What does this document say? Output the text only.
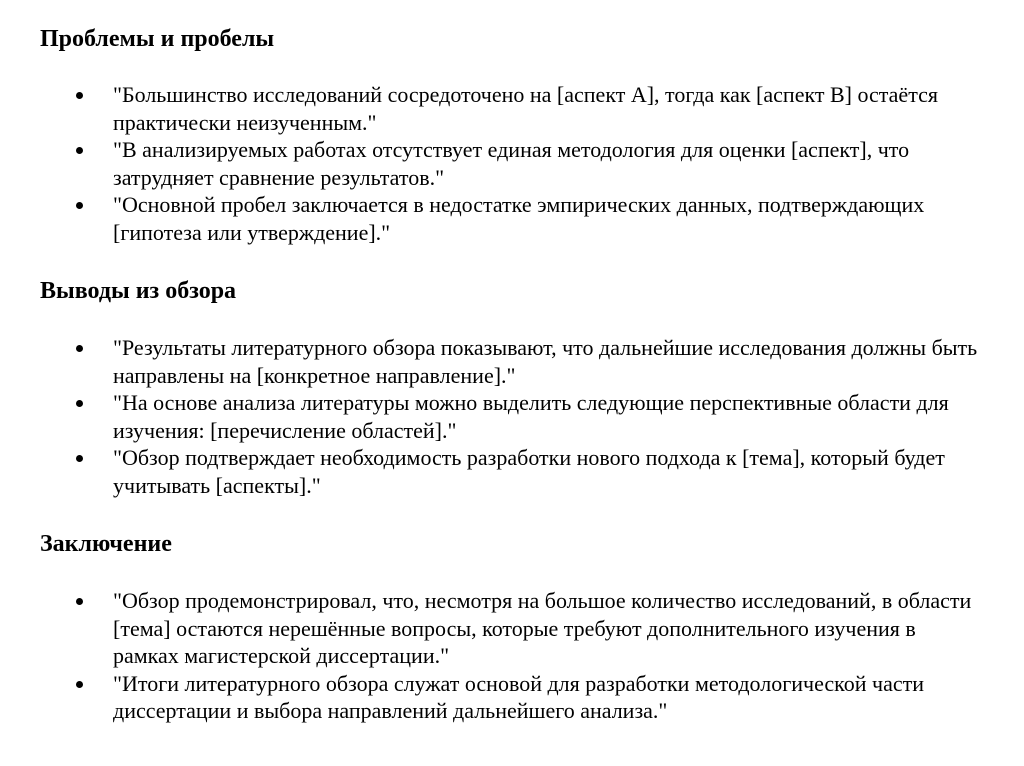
Проблемы и пробелы
"Большинство исследований сосредоточено на [аспект A], тогда как [аспект B] остаётся практически неизученным."
"В анализируемых работах отсутствует единая методология для оценки [аспект], что затрудняет сравнение результатов."
"Основной пробел заключается в недостатке эмпирических данных, подтверждающих [гипотеза или утверждение]."
Выводы из обзора
"Результаты литературного обзора показывают, что дальнейшие исследования должны быть направлены на [конкретное направление]."
"На основе анализа литературы можно выделить следующие перспективные области для изучения: [перечисление областей]."
"Обзор подтверждает необходимость разработки нового подхода к [тема], который будет учитывать [аспекты]."
Заключение
"Обзор продемонстрировал, что, несмотря на большое количество исследований, в области [тема] остаются нерешённые вопросы, которые требуют дополнительного изучения в рамках магистерской диссертации."
"Итоги литературного обзора служат основой для разработки методологической части диссертации и выбора направлений дальнейшего анализа."
